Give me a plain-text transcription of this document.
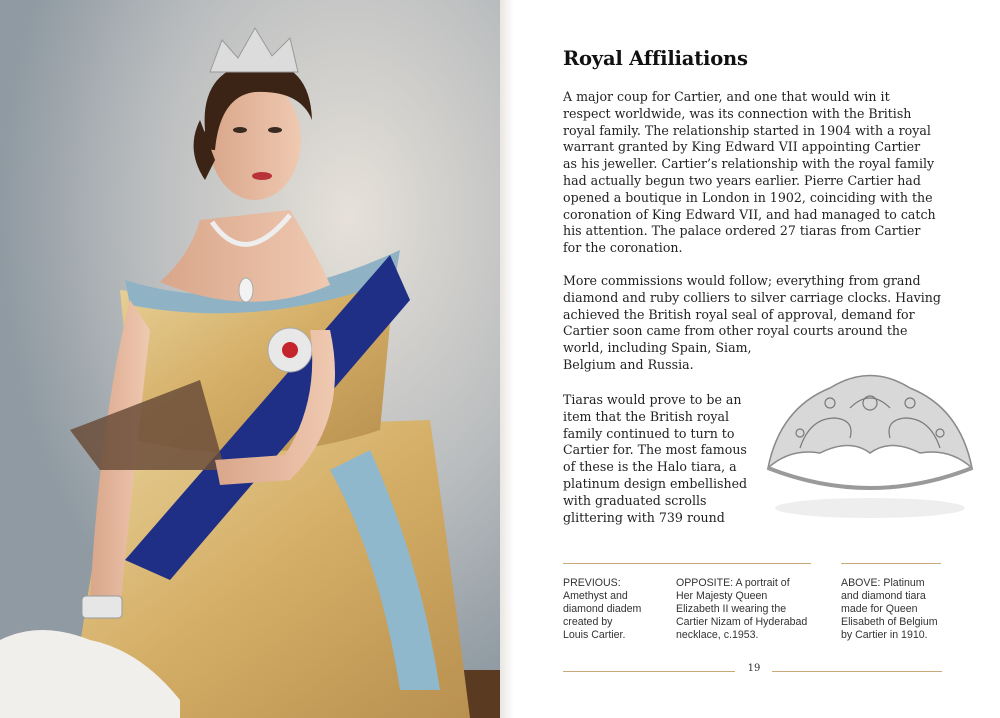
Royal Affiliations

A major coup for Cartier, and one that would win it
respect worldwide, was its connection with the British
royal family. The relationship started in 1904 with a royal
warrant granted by King Edward VII appointing Cartier
as his jeweller. Cartier’s relationship with the royal family
had actually begun two years earlier. Pierre Cartier had
opened a boutique in London in 1902, coinciding with the
coronation of King Edward VII, and had managed to catch
his attention. The palace ordered 27 tiaras from Cartier
for the coronation.

More commissions would follow; everything from grand
diamond and ruby colliers to silver carriage clocks. Having
achieved the British royal seal of approval, demand for
Cartier soon came from other royal courts around the
world, including Spain, Siam,
Belgium and Russia.

Tiaras would prove to be an
item that the British royal
family continued to turn to
Cartier for. The most famous
of these is the Halo tiara, a
platinum design embellished
with graduated scrolls
glittering with 739 round

PREVIOUS:
Amethyst and
diamond diadem
created by
Louis Cartier.

OPPOSITE: A portrait of
Her Majesty Queen
Elizabeth II wearing the
Cartier Nizam of Hyderabad
necklace, c.1953.

ABOVE: Platinum
and diamond tiara
made for Queen
Elisabeth of Belgium
by Cartier in 1910.

19
